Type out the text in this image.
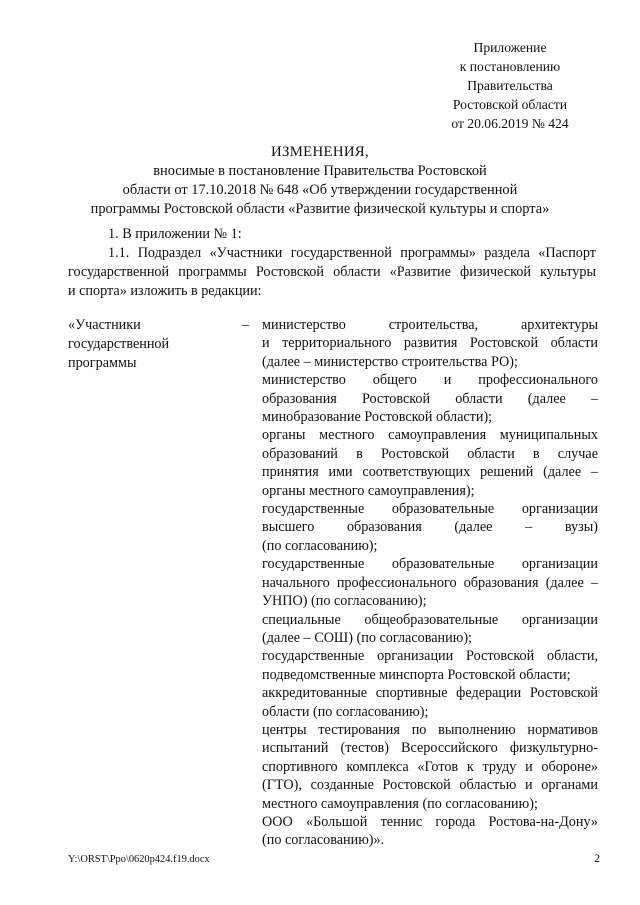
Приложение
к постановлению
Правительства
Ростовской области
от 20.06.2019 № 424
ИЗМЕНЕНИЯ,
вносимые в постановление Правительства Ростовской
области от 17.10.2018 № 648 «Об утверждении государственной
программы Ростовской области «Развитие физической культуры и спорта»
1. В приложении № 1:
1.1. Подраздел «Участники государственной программы» раздела «Паспорт
государственной программы Ростовской области «Развитие физической культуры
и спорта» изложить в редакции:
«Участники
государственной
программы
– министерство строительства, архитектуры
и территориального развития Ростовской области
(далее – министерство строительства РО);
министерство общего и профессионального
образования Ростовской области (далее –
минобразование Ростовской области);
органы местного самоуправления муниципальных
образований в Ростовской области в случае
принятия ими соответствующих решений (далее –
органы местного самоуправления);
государственные образовательные организации
высшего образования (далее – вузы)
(по согласованию);
государственные образовательные организации
начального профессионального образования (далее –
УНПО) (по согласованию);
специальные общеобразовательные организации
(далее – СОШ) (по согласованию);
государственные организации Ростовской области,
подведомственные минспорта Ростовской области;
аккредитованные спортивные федерации Ростовской
области (по согласованию);
центры тестирования по выполнению нормативов
испытаний (тестов) Всероссийского физкультурно-
спортивного комплекса «Готов к труду и обороне»
(ГТО), созданные Ростовской областью и органами
местного самоуправления (по согласованию);
ООО «Большой теннис города Ростова-на-Дону»
(по согласованию)».
Y:\ORST\Ppo\0620p424.f19.docx	2
